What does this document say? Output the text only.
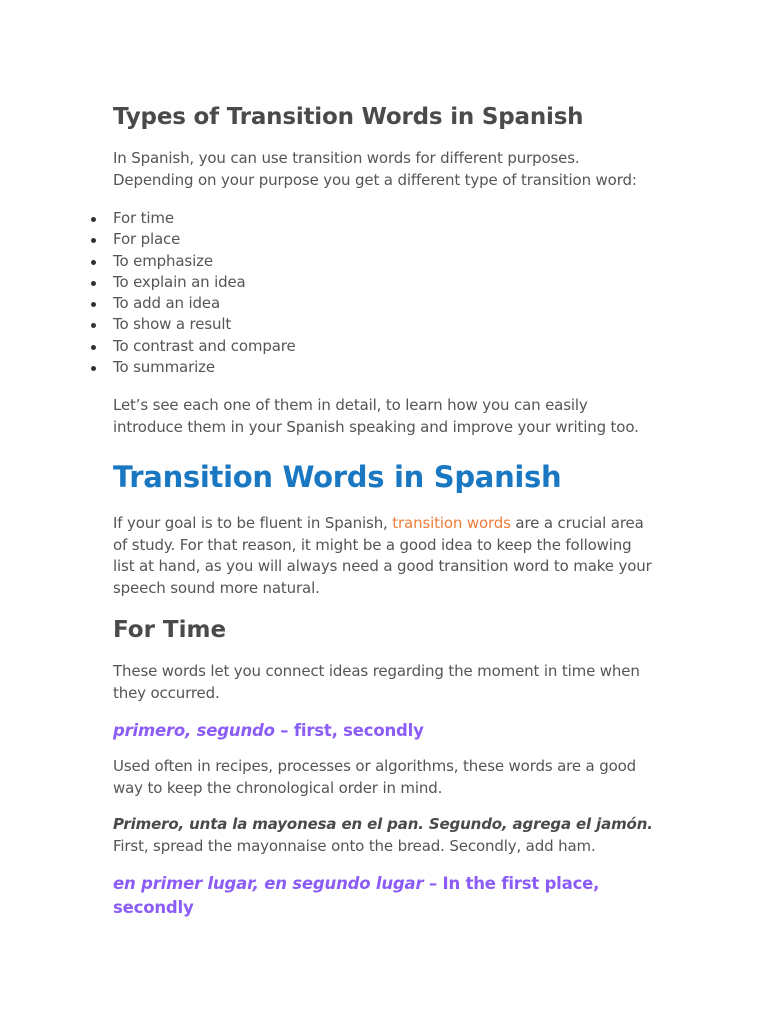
Types of Transition Words in Spanish

In Spanish, you can use transition words for different purposes. Depending on your purpose you get a different type of transition word:

For time
For place
To emphasize
To explain an idea
To add an idea
To show a result
To contrast and compare
To summarize

Let’s see each one of them in detail, to learn how you can easily introduce them in your Spanish speaking and improve your writing too.

Transition Words in Spanish

If your goal is to be fluent in Spanish, transition words are a crucial area of study. For that reason, it might be a good idea to keep the following list at hand, as you will always need a good transition word to make your speech sound more natural.

For Time

These words let you connect ideas regarding the moment in time when they occurred.

primero, segundo – first, secondly

Used often in recipes, processes or algorithms, these words are a good way to keep the chronological order in mind.

Primero, unta la mayonesa en el pan. Segundo, agrega el jamón.
First, spread the mayonnaise onto the bread. Secondly, add ham.

en primer lugar, en segundo lugar – In the first place, secondly
